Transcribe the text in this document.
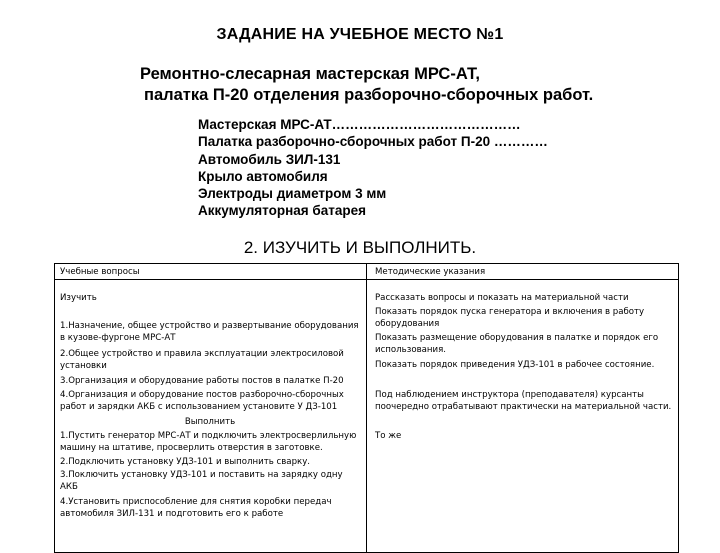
ЗАДАНИЕ НА УЧЕБНОЕ МЕСТО №1
Ремонтно-слесарная мастерская МРС-АТ,
палатка П-20 отделения разборочно-сборочных работ.
Мастерская МРС-АТ……………………………………
Палатка разборочно-сборочных работ П-20 …………
Автомобиль ЗИЛ-131
Крыло автомобиля
Электроды диаметром 3 мм
Аккумуляторная батарея
2. ИЗУЧИТЬ И ВЫПОЛНИТЬ.
Учебные вопросы	Методические указания
Изучить
1.Назначение, общее устройство и развертывание оборудования в кузове-фургоне МРС-АТ
2.Общее устройство и правила эксплуатации электросиловой установки
3.Организация и оборудование работы постов в палатке П-20
4.Организация и оборудование постов разборочно-сборочных работ и зарядки АКБ с использованием установите У ДЗ-101
Выполнить
1.Пустить генератор МРС-АТ и подключить электросверлильную машину на штативе, просверлить отверстия в заготовке.
2.Подключить установку УДЗ-101 и выполнить сварку.
3.Поключить установку УДЗ-101 и поставить на зарядку одну АКБ
4.Установить приспособление для снятия коробки передач автомобиля ЗИЛ-131 и подготовить его к работе
Рассказать вопросы и показать на материальной части
Показать порядок пуска генератора и включения в работу оборудования
Показать размещение оборудования в палатке и порядок его использования.
Показать порядок приведения УДЗ-101 в рабочее состояние.
Под наблюдением инструктора (преподавателя) курсанты поочередно отрабатывают практически на материальной части.
То же
